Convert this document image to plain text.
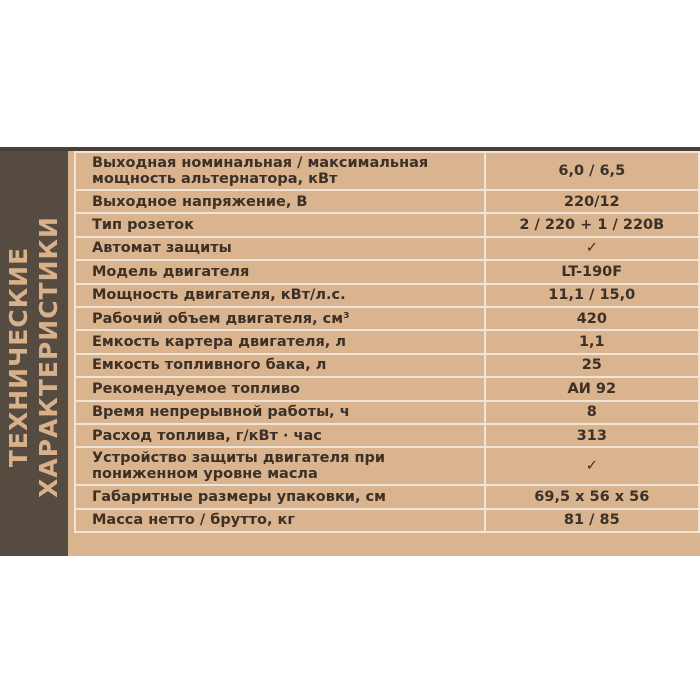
ТЕХНИЧЕСКИЕ ХАРАКТЕРИСТИКИ
Выходная номинальная / максимальная
мощность альтернатора, кВт	6,0 / 6,5
Выходное напряжение, В	220/12
Тип розеток	2 / 220 + 1 / 220В
Автомат защиты	✓
Модель двигателя	LT-190F
Мощность двигателя, кВт/л.с.	11,1 / 15,0
Рабочий объем двигателя, см³	420
Емкость картера двигателя, л	1,1
Емкость топливного бака, л	25
Рекомендуемое топливо	АИ 92
Время непрерывной работы, ч	8
Расход топлива, г/кВт · час	313
Устройство защиты двигателя при
пониженном уровне масла	✓
Габаритные размеры упаковки, см	69,5 x 56 x 56
Масса нетто / брутто, кг	81 / 85
